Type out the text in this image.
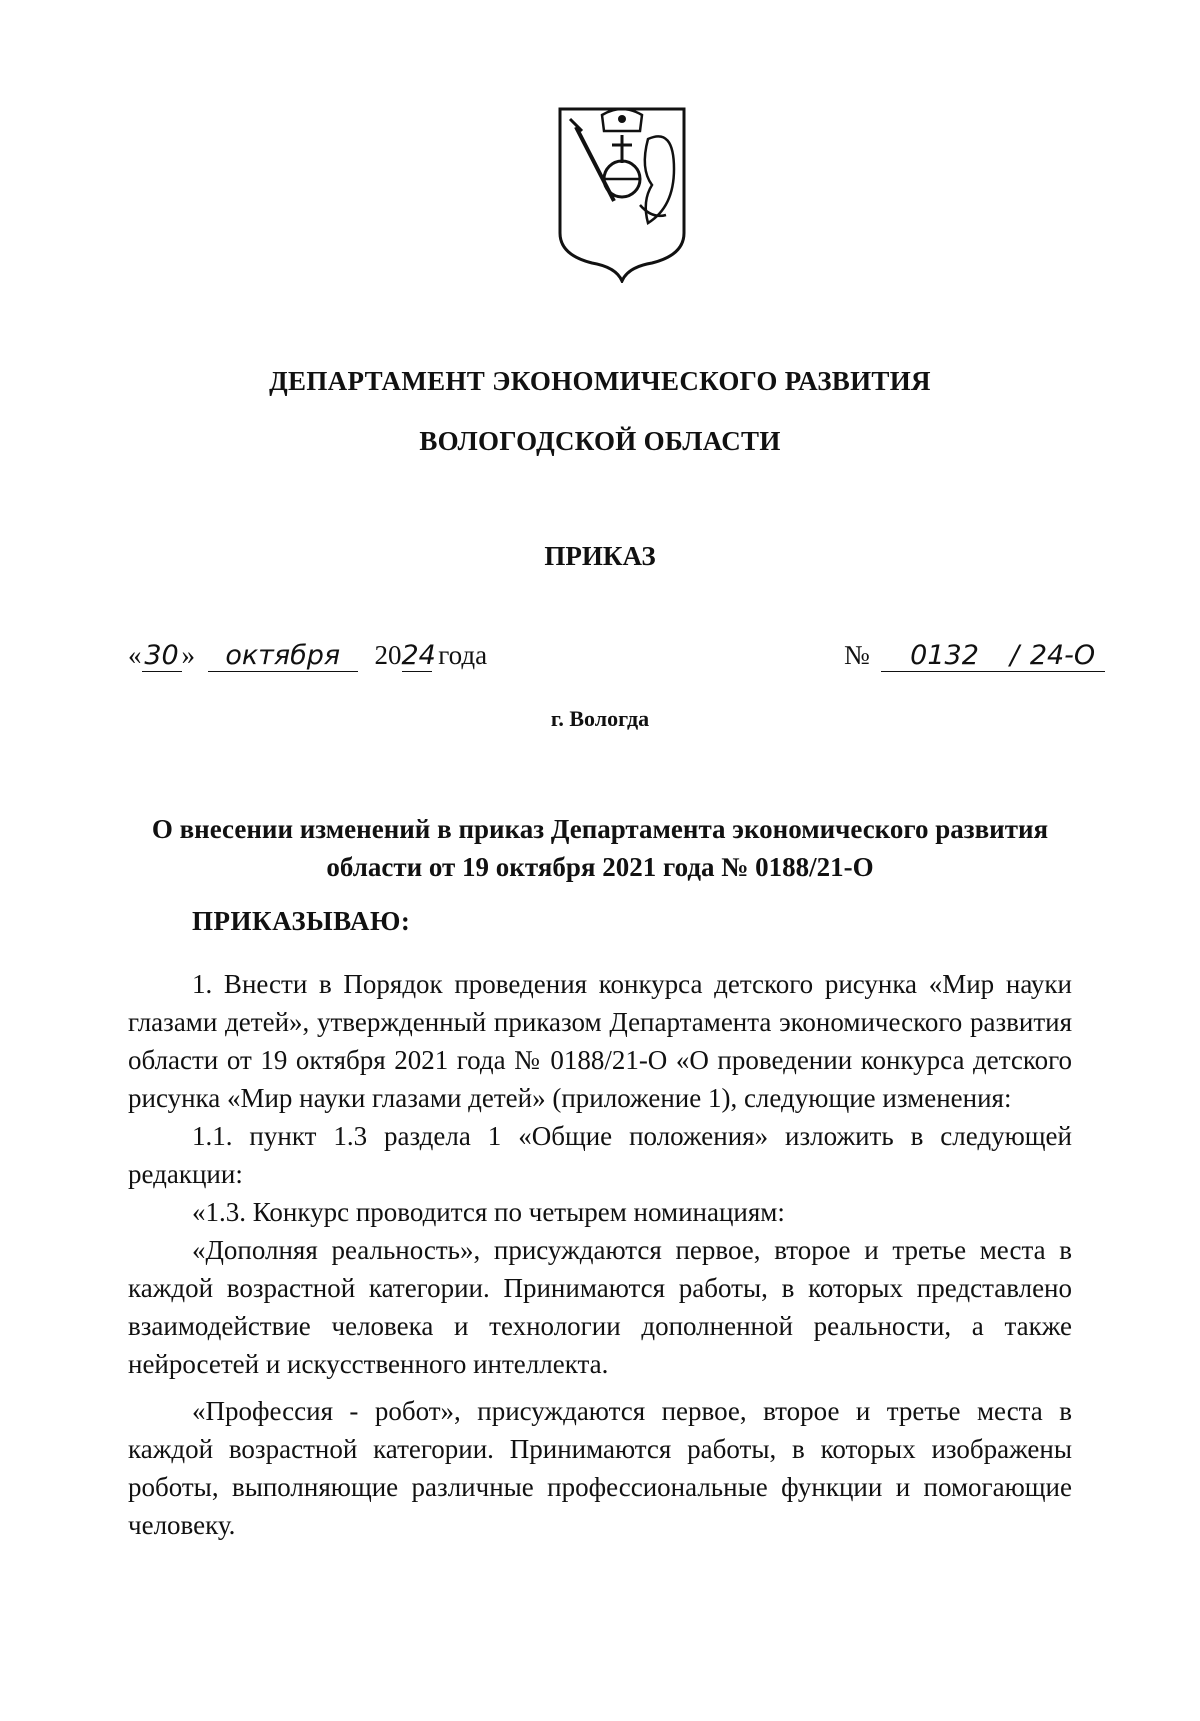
ДЕПАРТАМЕНТ ЭКОНОМИЧЕСКОГО РАЗВИТИЯ
ВОЛОГОДСКОЙ ОБЛАСТИ
ПРИКАЗ
« 30 » октября 2024 года	№ 0132 / 24-О
г. Вологда
О внесении изменений в приказ Департамента экономического развития
области от 19 октября 2021 года № 0188/21-О
ПРИКАЗЫВАЮ:

1. Внести в Порядок проведения конкурса детского рисунка «Мир науки глазами детей», утвержденный приказом Департамента экономического развития области от 19 октября 2021 года № 0188/21-О «О проведении конкурса детского рисунка «Мир науки глазами детей» (приложение 1), следующие изменения:

1.1. пункт 1.3 раздела 1 «Общие положения» изложить в следующей редакции:

«1.3. Конкурс проводится по четырем номинациям:

«Дополняя реальность», присуждаются первое, второе и третье места в каждой возрастной категории. Принимаются работы, в которых представлено взаимодействие человека и технологии дополненной реальности, а также нейросетей и искусственного интеллекта.

«Профессия - робот», присуждаются первое, второе и третье места в каждой возрастной категории. Принимаются работы, в которых изображены роботы, выполняющие различные профессиональные функции и помогающие человеку.
